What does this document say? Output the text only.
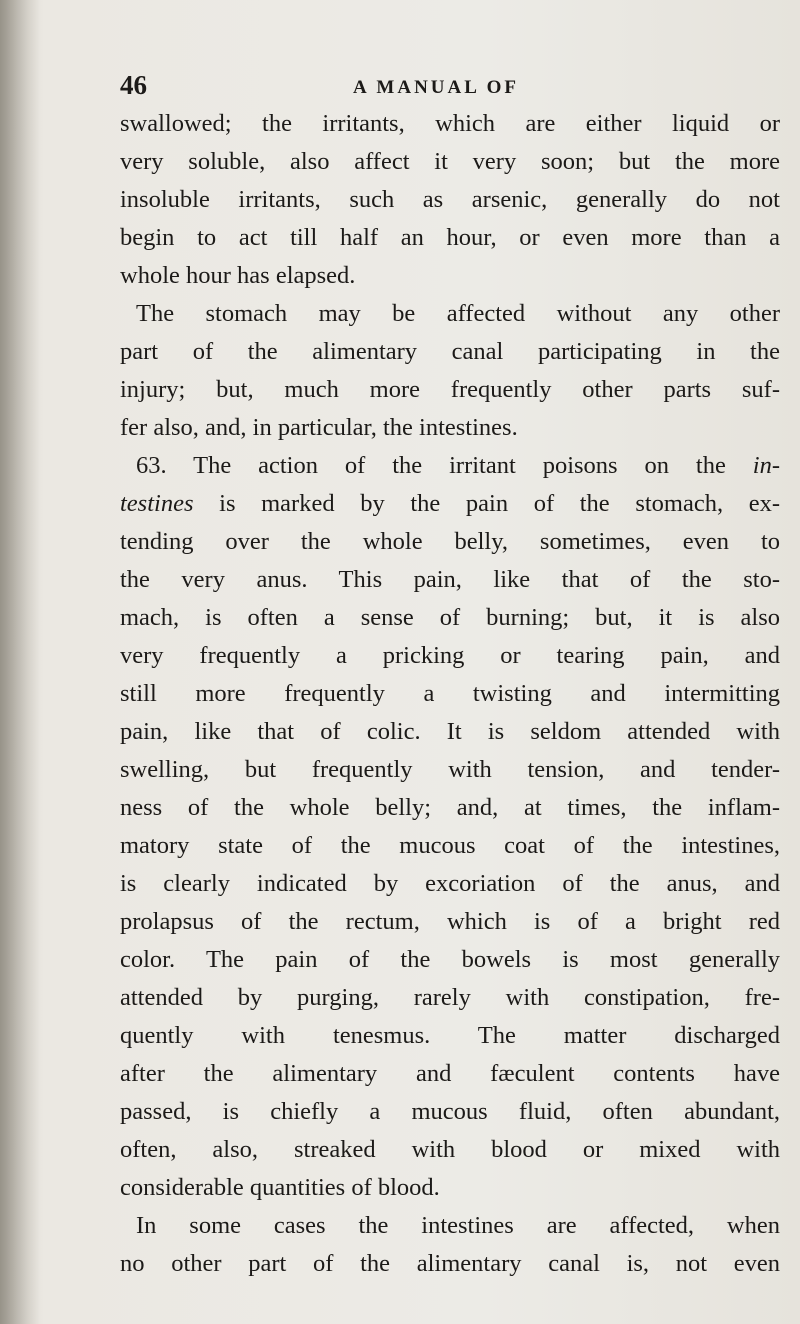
46	A MANUAL OF
swallowed; the irritants, which are either liquid or
very soluble, also affect it very soon; but the more
insoluble irritants, such as arsenic, generally do not
begin to act till half an hour, or even more than a
whole hour has elapsed.
The stomach may be affected without any other
part of the alimentary canal participating in the
injury; but, much more frequently other parts suf-
fer also, and, in particular, the intestines.
63. The action of the irritant poisons on the in-
testines is marked by the pain of the stomach, ex-
tending over the whole belly, sometimes, even to
the very anus. This pain, like that of the sto-
mach, is often a sense of burning; but, it is also
very frequently a pricking or tearing pain, and
still more frequently a twisting and intermitting
pain, like that of colic. It is seldom attended with
swelling, but frequently with tension, and tender-
ness of the whole belly; and, at times, the inflam-
matory state of the mucous coat of the intestines,
is clearly indicated by excoriation of the anus, and
prolapsus of the rectum, which is of a bright red
color. The pain of the bowels is most generally
attended by purging, rarely with constipation, fre-
quently with tenesmus. The matter discharged
after the alimentary and fæculent contents have
passed, is chiefly a mucous fluid, often abundant,
often, also, streaked with blood or mixed with
considerable quantities of blood.
In some cases the intestines are affected, when
no other part of the alimentary canal is, not even
